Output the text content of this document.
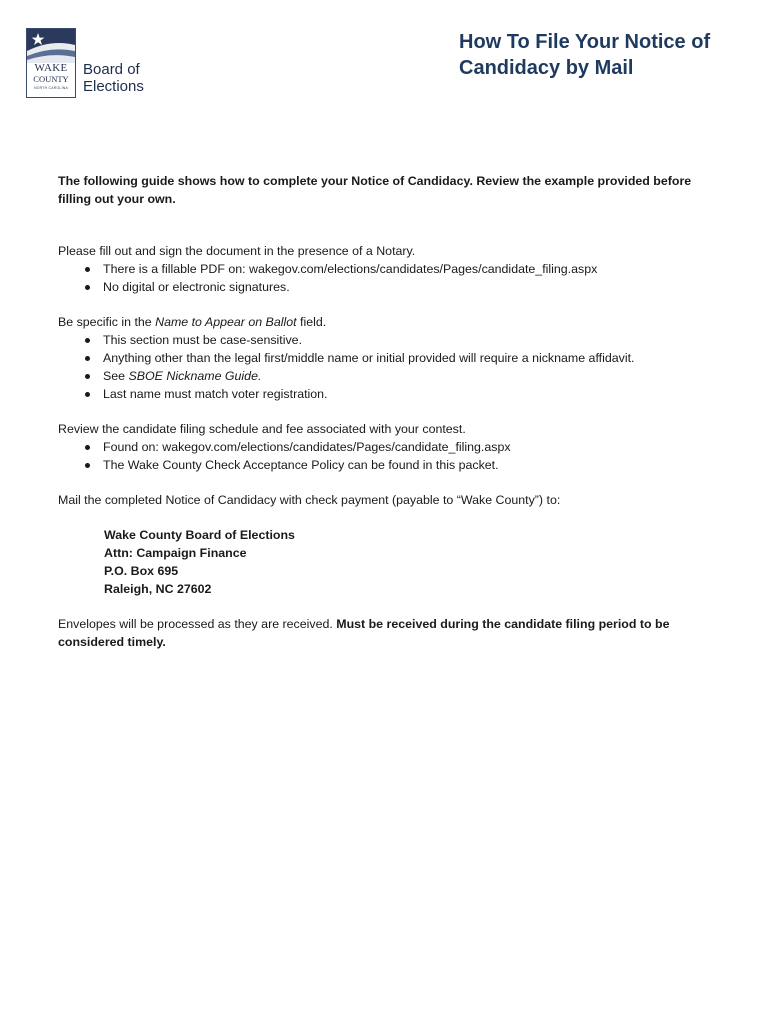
WAKE
COUNTY
NORTH CAROLINA
Board of
Elections
How To File Your Notice of
Candidacy by Mail

The following guide shows how to complete your Notice of Candidacy. Review the example provided before filling out your own.

Please fill out and sign the document in the presence of a Notary.

There is a fillable PDF on: wakegov.com/elections/candidates/Pages/candidate_filing.aspx
No digital or electronic signatures.

Be specific in the Name to Appear on Ballot field.

This section must be case-sensitive.
Anything other than the legal first/middle name or initial provided will require a nickname affidavit.
See SBOE Nickname Guide.
Last name must match voter registration.

Review the candidate filing schedule and fee associated with your contest.

Found on: wakegov.com/elections/candidates/Pages/candidate_filing.aspx
The Wake County Check Acceptance Policy can be found in this packet.

Mail the completed Notice of Candidacy with check payment (payable to “Wake County”) to:

Wake County Board of Elections
Attn: Campaign Finance
P.O. Box 695
Raleigh, NC 27602

Envelopes will be processed as they are received. Must be received during the candidate filing period to be considered timely.
